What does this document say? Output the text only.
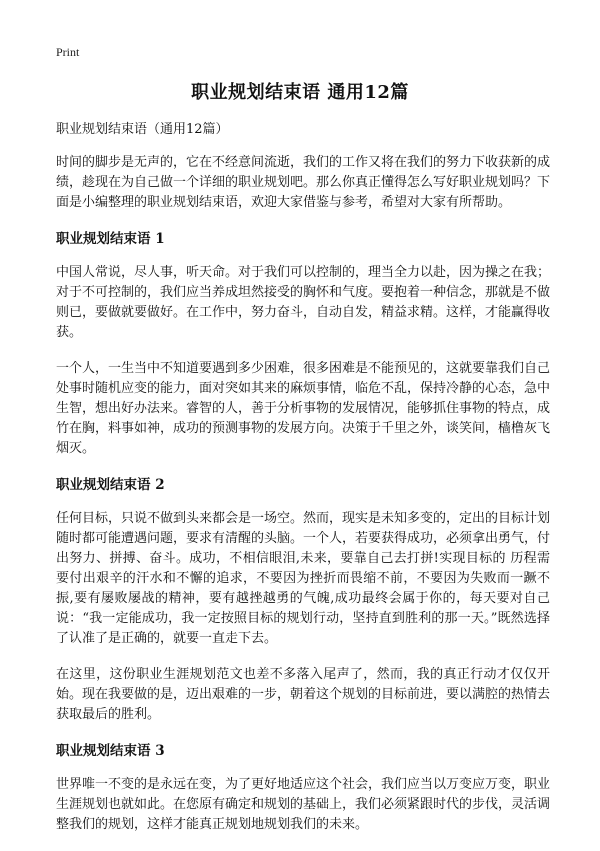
Print
职业规划结束语 通用12篇

职业规划结束语（通用12篇）

时间的脚步是无声的，它在不经意间流逝，我们的工作又将在我们的努力下收获新的成绩，趁现在为自己做一个详细的职业规划吧。那么你真正懂得怎么写好职业规划吗？下面是小编整理的职业规划结束语，欢迎大家借鉴与参考，希望对大家有所帮助。

职业规划结束语 1

中国人常说，尽人事，听天命。对于我们可以控制的，理当全力以赴，因为操之在我；对于不可控制的，我们应当养成坦然接受的胸怀和气度。要抱着一种信念，那就是不做则已，要做就要做好。在工作中，努力奋斗，自动自发，精益求精。这样，才能赢得收获。

一个人，一生当中不知道要遇到多少困难，很多困难是不能预见的，这就要靠我们自己处事时随机应变的能力，面对突如其来的麻烦事情，临危不乱，保持冷静的心态，急中生智，想出好办法来。睿智的人，善于分析事物的发展情况，能够抓住事物的特点，成竹在胸，料事如神，成功的预测事物的发展方向。决策于千里之外，谈笑间，樯橹灰飞烟灭。

职业规划结束语 2

任何目标，只说不做到头来都会是一场空。然而，现实是未知多变的，定出的目标计划随时都可能遭遇问题，要求有清醒的头脑。一个人，若要获得成功，必须拿出勇气，付出努力、拼搏、奋斗。成功，不相信眼泪,未来，要靠自己去打拼!实现目标的 历程需要付出艰辛的汗水和不懈的追求，不要因为挫折而畏缩不前，不要因为失败而一蹶不振,要有屡败屡战的精神，要有越挫越勇的气魄,成功最终会属于你的，每天要对自己说：“我一定能成功，我一定按照目标的规划行动，坚持直到胜利的那一天。”既然选择了认准了是正确的，就要一直走下去。

在这里，这份职业生涯规划范文也差不多落入尾声了，然而，我的真正行动才仅仅开始。现在我要做的是，迈出艰难的一步，朝着这个规划的目标前进，要以满腔的热情去获取最后的胜利。

职业规划结束语 3

世界唯一不变的是永远在变，为了更好地适应这个社会，我们应当以万变应万变，职业生涯规划也就如此。在您原有确定和规划的基础上，我们必须紧跟时代的步伐，灵活调整我们的规划，这样才能真正规划地规划我们的未来。
